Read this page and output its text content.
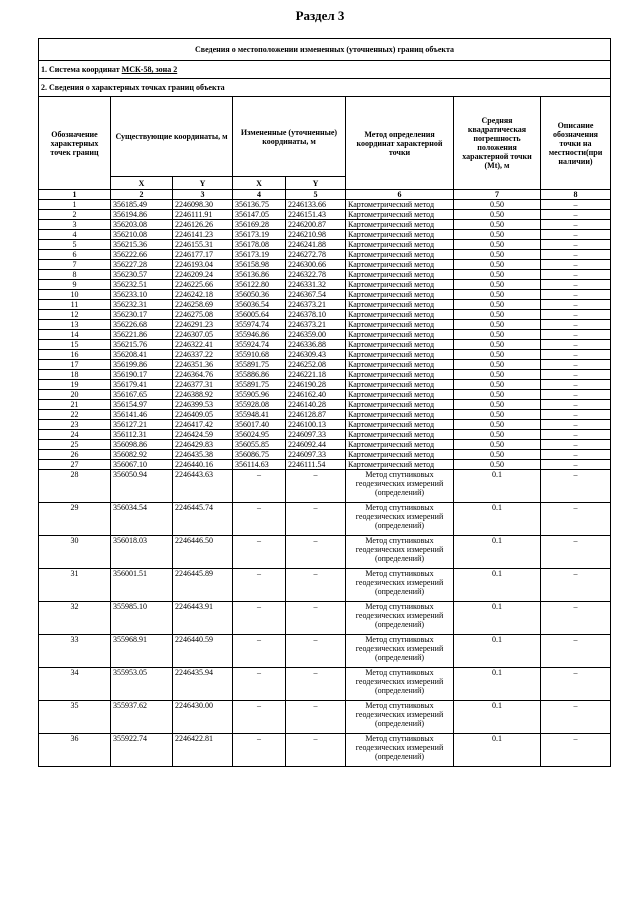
Раздел 3
Сведения о местоположении измененных (уточненных) границ объекта							
1. Система координат МСК-58, зона 2							
2. Сведения о характерных точках границ объекта							
Обозначение характерных точек границ	Существующие координаты, м		Измененные (уточненные) координаты, м		Метод определения координат характерной точки	Средняя квадратическая погрешность положения характерной точки (Mt), м	Описание обозначения точки на местности(при наличии)
	X	Y	X	Y			
1	2	3	4	5	6	7	8
1	356185.49	2246098.30	356136.75	2246133.66	Картометрический метод	0.50	–
2	356194.86	2246111.91	356147.05	2246151.43	Картометрический метод	0.50	–
3	356203.08	2246126.26	356169.28	2246200.87	Картометрический метод	0.50	–
4	356210.08	2246141.23	356173.19	2246210.98	Картометрический метод	0.50	–
5	356215.36	2246155.31	356178.08	2246241.88	Картометрический метод	0.50	–
6	356222.66	2246177.17	356173.19	2246272.78	Картометрический метод	0.50	–
7	356227.28	2246193.04	356158.98	2246300.66	Картометрический метод	0.50	–
8	356230.57	2246209.24	356136.86	2246322.78	Картометрический метод	0.50	–
9	356232.51	2246225.66	356122.80	2246331.32	Картометрический метод	0.50	–
10	356233.10	2246242.18	356050.36	2246367.54	Картометрический метод	0.50	–
11	356232.31	2246258.69	356036.54	2246373.21	Картометрический метод	0.50	–
12	356230.17	2246275.08	356005.64	2246378.10	Картометрический метод	0.50	–
13	356226.68	2246291.23	355974.74	2246373.21	Картометрический метод	0.50	–
14	356221.86	2246307.05	355946.86	2246359.00	Картометрический метод	0.50	–
15	356215.76	2246322.41	355924.74	2246336.88	Картометрический метод	0.50	–
16	356208.41	2246337.22	355910.68	2246309.43	Картометрический метод	0.50	–
17	356199.86	2246351.36	355891.75	2246252.08	Картометрический метод	0.50	–
18	356190.17	2246364.76	355886.86	2246221.18	Картометрический метод	0.50	–
19	356179.41	2246377.31	355891.75	2246190.28	Картометрический метод	0.50	–
20	356167.65	2246388.92	355905.96	2246162.40	Картометрический метод	0.50	–
21	356154.97	2246399.53	355928.08	2246140.28	Картометрический метод	0.50	–
22	356141.46	2246409.05	355948.41	2246128.87	Картометрический метод	0.50	–
23	356127.21	2246417.42	356017.40	2246100.13	Картометрический метод	0.50	–
24	356112.31	2246424.59	356024.95	2246097.33	Картометрический метод	0.50	–
25	356098.86	2246429.83	356055.85	2246092.44	Картометрический метод	0.50	–
26	356082.92	2246435.38	356086.75	2246097.33	Картометрический метод	0.50	–
27	356067.10	2246440.16	356114.63	2246111.54	Картометрический метод	0.50	–
28	356050.94	2246443.63	–	–	Метод спутниковых геодезических измерений (определений)	0.1	–
29	356034.54	2246445.74	–	–	Метод спутниковых геодезических измерений (определений)	0.1	–
30	356018.03	2246446.50	–	–	Метод спутниковых геодезических измерений (определений)	0.1	–
31	356001.51	2246445.89	–	–	Метод спутниковых геодезических измерений (определений)	0.1	–
32	355985.10	2246443.91	–	–	Метод спутниковых геодезических измерений (определений)	0.1	–
33	355968.91	2246440.59	–	–	Метод спутниковых геодезических измерений (определений)	0.1	–
34	355953.05	2246435.94	–	–	Метод спутниковых геодезических измерений (определений)	0.1	–
35	355937.62	2246430.00	–	–	Метод спутниковых геодезических измерений (определений)	0.1	–
36	355922.74	2246422.81	–	–	Метод спутниковых геодезических измерений (определений)	0.1	–
